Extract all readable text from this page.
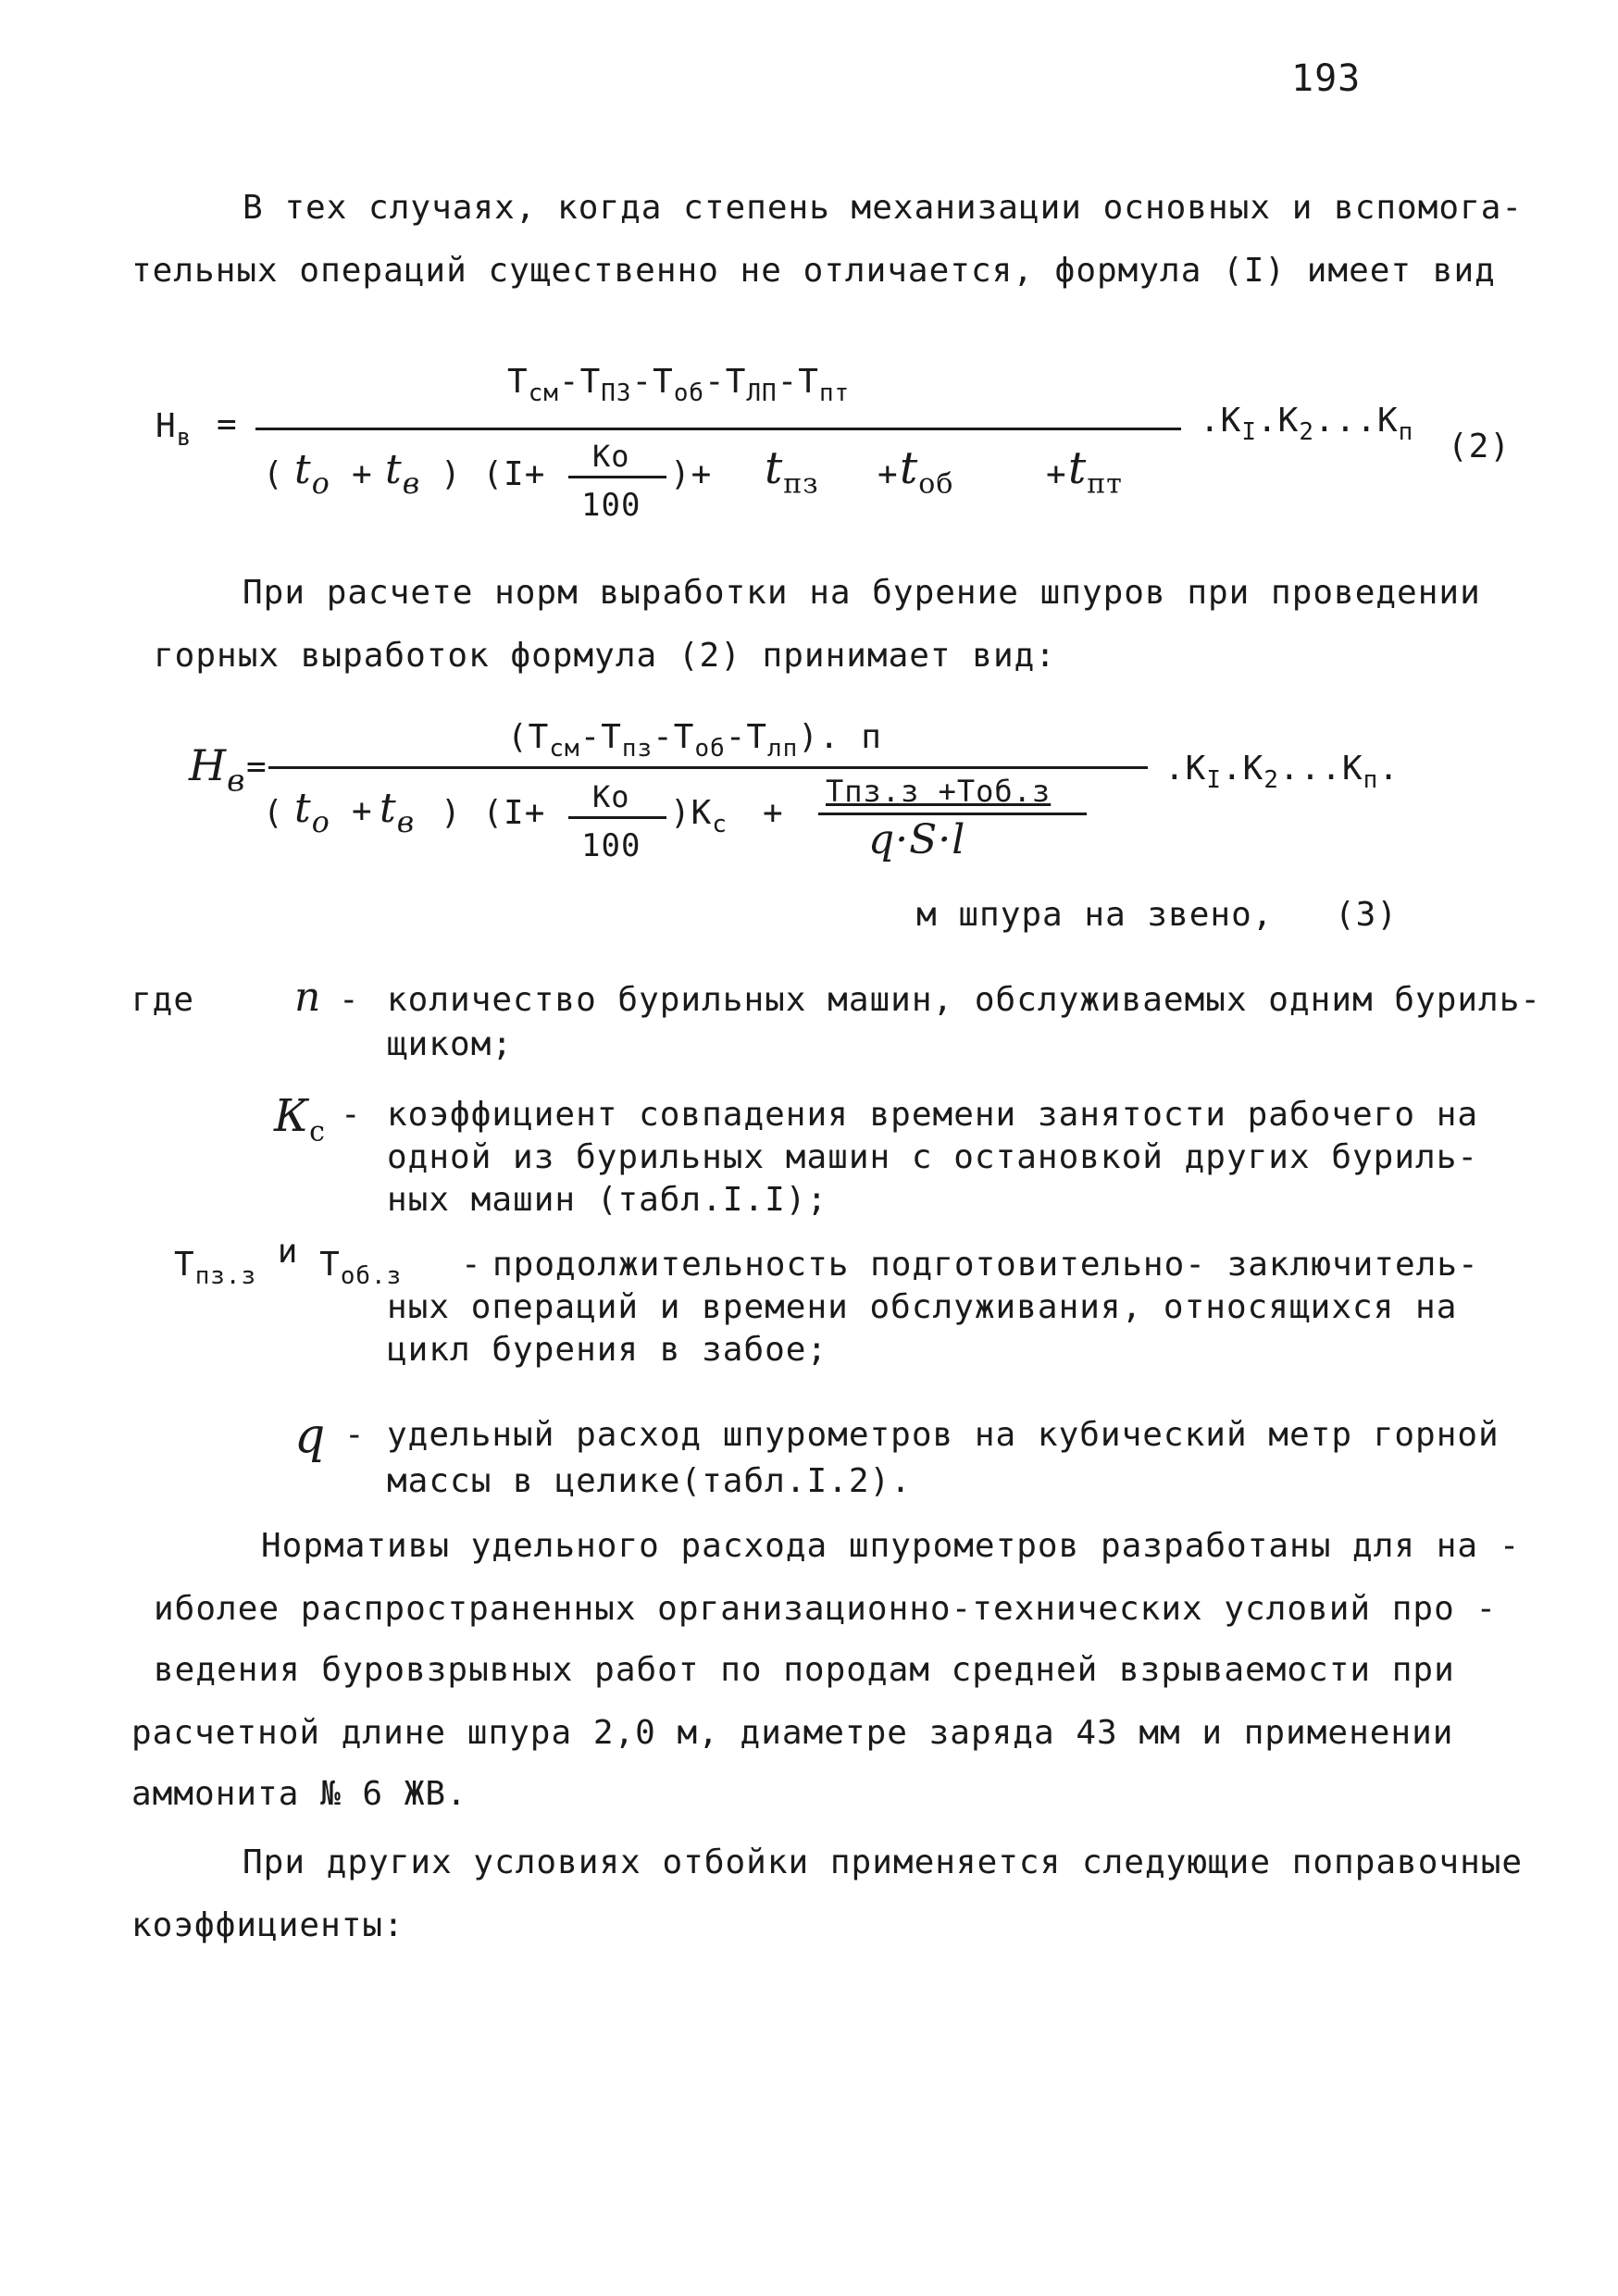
193
В тех случаях, когда степень механизации основных и вспомога-
тельных операций существенно не отличается, формула (I) имеет вид
$Н_в$ =
$Т_{см}-Т_{ПЗ}-Т_{об}-Т_{ЛП}-Т_{пт}$
( $t_о + t_в$ ) (I+ Ко
100
)+ $t_{пз} + t_{об}$	+ $t_{пт}$
$.К_I.К_2...К_п$ (2)
При расчете норм выработки на бурение шпуров при проведении
горных выработок формула (2) принимает вид:
$Н_в$ =
$(Т_{см}-Т_{пз}-Т_{об}-Т_{лп})$. п
( $t_о + t_в$ ) (I+ Ко
100
)$К_с$ +
Тпз.з +Тоб.з
q·S·l
$.К_I.К_2...К_п$.
м шпура на звено, (3)
где n - количество бурильных машин, обслуживаемых одним буриль-
щиком;
$К_с$ - коэффициент совпадения времени занятости рабочего на
одной из бурильных машин с остановкой других буриль-
ных машин (табл.I.I);
$Т_{пз.з}$ и $Т_{об.з}$ - продолжительность подготовительно- заключитель-
ных операций и времени обслуживания, относящихся на
цикл бурения в забое;
q - удельный расход шпурометров на кубический метр горной
массы в целике(табл.I.2).
Нормативы удельного расхода шпурометров разработаны для на -
иболее распространенных организационно-технических условий про -
ведения буровзрывных работ по породам средней взрываемости при
расчетной длине шпура 2,0 м, диаметре заряда 43 мм и применении
аммонита № 6 ЖВ.
При других условиях отбойки применяется следующие поправочные
коэффициенты:
